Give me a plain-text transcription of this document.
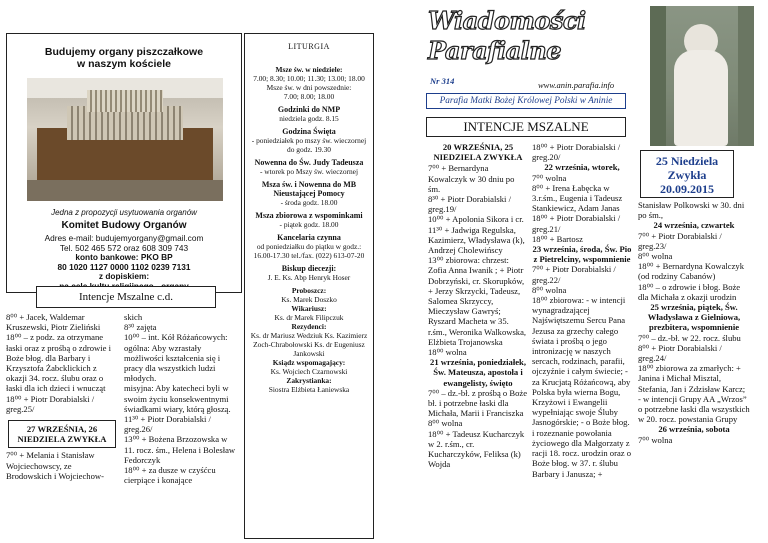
Budujemy organy piszczałkowe
w naszym kościele
Jedna z propozycji usytuowania organów
Komitet Budowy Organów
Adres e-mail: budujemyorgany@gmail.com
Tel. 502 465 572 oraz 608 309 743
konto bankowe: PKO BP
80 1020 1127 0000 1102 0239 7131
z dopiskiem:
Intencje Mszalne c.d.

8⁰⁰ + Jacek, Waldemar Kruszewski, Piotr Zieliński

18⁰⁰ – z podz. za otrzymane łaski oraz z prośbą o zdrowie i Boże błog. dla Barbary i Krzysztofa Żabcklickich z okazji 34. rocz. ślubu oraz o łaski dla ich dzieci i wnucząt

18⁰⁰ + Piotr Dorabialski / greg.25/

27 WRZEŚNIA, 26 NIEDZIELA ZWYKŁA

7⁰⁰ + Melania i Stanisław Wojciechowscy, ze Brodowskich i Wojciechow-

skich

8³⁰ zajęta

10⁰⁰ – int. Kół Różańcowych: ogólna: Aby wzrastały możliwości kształcenia się i pracy dla wszystkich ludzi młodych.

misyjna: Aby katecheci byli w swoim życiu konsekwentnymi świadkami wiary, którą głoszą.

11³⁰ + Piotr Dorabialski / greg.26/

13⁰⁰ + Bożena Brzozowska w 11. rocz. śm., Helena i Bolesław Fedorczyk

18⁰⁰ + za dusze w czyśćcu cierpiące i konające

LITURGIA
Msze św. w niedziele:
7.00; 8.30; 10.00; 11.30; 13.00; 18.00
Msze św. w dni powszednie:
7.00; 8.00; 18.00
Godzinki do NMP
niedziela godz. 8.15
Godzina Święta
- poniedziałek po mszy św. wieczornej do godz. 19.30
Nowenna do Św. Judy Tadeusza
- wtorek po Mszy św. wieczornej
Msza św. i Nowenna do MB Nieustającej Pomocy
- środa godz. 18.00
Msza zbiorowa z wspominkami
- piątek godz. 18.00
Kancelaria czynna
od poniedziałku do piątku w godz.: 16.00-17.30 tel./fax. (022) 613-07-20
Biskup diecezji:
J. E. Ks. Abp Henryk Hoser
Proboszcz:
Ks. Marek Doszko
Wikariusz:
Ks. dr Marek Filipczuk
Rezydenci:
Ks. dr Mariusz Wedziuk Ks. Kazimierz Zoch-Chrabołowski Ks. dr Eugeniusz Jankowski
Ksiądz wspomagający:
Ks. Wojciech Czarnowski
Zakrystianka:
Siostra Elżbieta Łaniewska
Wiadomości Parafialne
Nr 314	www.anin.parafia.info
Parafia Matki Bożej Królowej Polski w Aninie
INTENCJE MSZALNE
25 Niedziela
Zwykła
20.09.2015
20 WRZEŚNIA, 25 NIEDZIELA ZWYKŁA

7⁰⁰ + Bernardyna Kowalczyk w 30 dniu po śm.

8³⁰ + Piotr Dorabialski / greg.19/

10⁰⁰ + Apolonia Sikora i cr.

11³⁰ + Jadwiga Regulska, Kazimierz, Władysława (k), Andrzej Cholewińscy

13⁰⁰ zbiorowa: chrzest: Zofia Anna Iwanik ; + Piotr Dobrzyński, cr. Skorupków, + Jerzy Skrzycki, Tadeusz, Salomea Skrzyccy, Mieczysław Gawryś; Ryszard Macheta w 35. r.śm., Weronika Walkowska, Elżbieta Trojanowska

18⁰⁰ wolna

21 września, poniedziałek, Św. Mateusza, apostoła i ewangelisty, święto

7⁰⁰ – dz.-bł. z prośbą o Boże bł. i potrzebne łaski dla Michała, Marii i Franciszka

8⁰⁰ wolna

18⁰⁰ + Tadeusz Kucharczyk w 2. r.śm., cr. Kucharczyków, Feliksa (k) Wojda

18⁰⁰ + Piotr Dorabialski / greg.20/

22 września, wtorek,

7⁰⁰ wolna

8⁰⁰ + Irena Łabęcka w 3.r.śm., Eugenia i Tadeusz Stankiewicz, Adam Janas

18⁰⁰ + Piotr Dorabialski / greg.21/

18⁰⁰ + Bartosz

23 września, środa, Św. Pio z Pietrelciny, wspomnienie

7⁰⁰ + Piotr Dorabialski / greg.22/

8⁰⁰ wolna

18⁰⁰ zbiorowa: - w intencji wynagradzającej Najświętszemu Sercu Pana Jezusa za grzechy całego świata i prośbą o jego intronizację w naszych sercach, rodzinach, parafii, ojczyźnie i całym świecie; - za Krucjatą Różańcową, aby Polska była wierna Bogu, Krzyżowi i Ewangelii wypełniając swoje Śluby Jasnogórskie; - o Boże błog. i rozeznanie powołania życiowego dla Małgorzaty z racji 18. rocz. urodzin oraz o Boże błog. w 37. r. ślubu Barbary i Janusza; +

Stanisław Polkowski w 30. dni po śm.,

24 września, czwartek

7⁰⁰ + Piotr Dorabialski / greg.23/

8⁰⁰ wolna

18⁰⁰ + Bernardyna Kowalczyk (od rodziny Cabanów)

18⁰⁰ – o zdrowie i błog. Boże dla Michała z okazji urodzin

25 września, piątek, Św. Władysława z Gielniowa, prezbitera, wspomnienie

7⁰⁰ – dz.-bł. w 22. rocz. ślubu

8⁰⁰ + Piotr Dorabialski / greg.24/

18⁰⁰ zbiorowa za zmarłych: + Janina i Michał Misztal, Stefania, Jan i Zdzisław Karcz; - w intencji Grupy AA „Wrzos” o potrzebne łaski dla wszystkich w 20. rocz. powstania Grupy

26 września, sobota

7⁰⁰ wolna
